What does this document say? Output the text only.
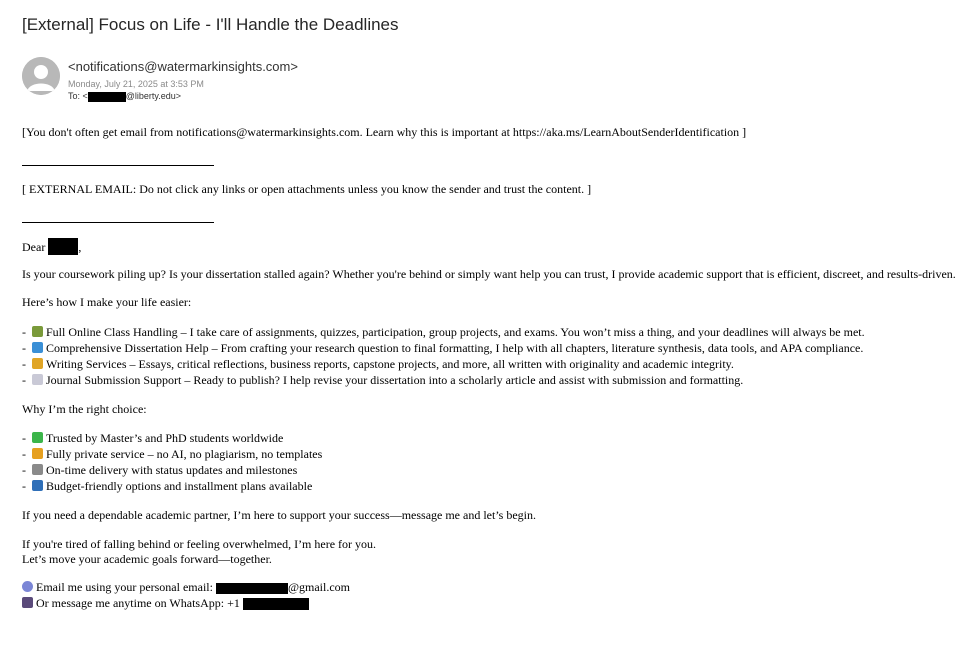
[External] Focus on Life - I'll Handle the Deadlines
<notifications@watermarkinsights.com>
Monday, July 21, 2025 at 3:53 PM
To: <	@liberty.edu>
[You don't often get email from notifications@watermarkinsights.com. Learn why this is important at https://aka.ms/LearnAboutSenderIdentification ]
[ EXTERNAL EMAIL: Do not click any links or open attachments unless you know the sender and trust the content. ]
Dear	,
Is your coursework piling up? Is your dissertation stalled again? Whether you're behind or simply want help you can trust, I provide academic support that is efficient, discreet, and results-driven.
Here’s how I make your life easier:
- Full Online Class Handling – I take care of assignments, quizzes, participation, group projects, and exams. You won’t miss a thing, and your deadlines will always be met.
- Comprehensive Dissertation Help – From crafting your research question to final formatting, I help with all chapters, literature synthesis, data tools, and APA compliance.
- Writing Services – Essays, critical reflections, business reports, capstone projects, and more, all written with originality and academic integrity.
- Journal Submission Support – Ready to publish? I help revise your dissertation into a scholarly article and assist with submission and formatting.
Why I’m the right choice:
- Trusted by Master’s and PhD students worldwide
- Fully private service – no AI, no plagiarism, no templates
- On-time delivery with status updates and milestones
- Budget-friendly options and installment plans available
If you need a dependable academic partner, I’m here to support your success—message me and let’s begin.
If you're tired of falling behind or feeling overwhelmed, I’m here for you.
Let’s move your academic goals forward—together.
Email me using your personal email:	@gmail.com
Or message me anytime on WhatsApp: +1
